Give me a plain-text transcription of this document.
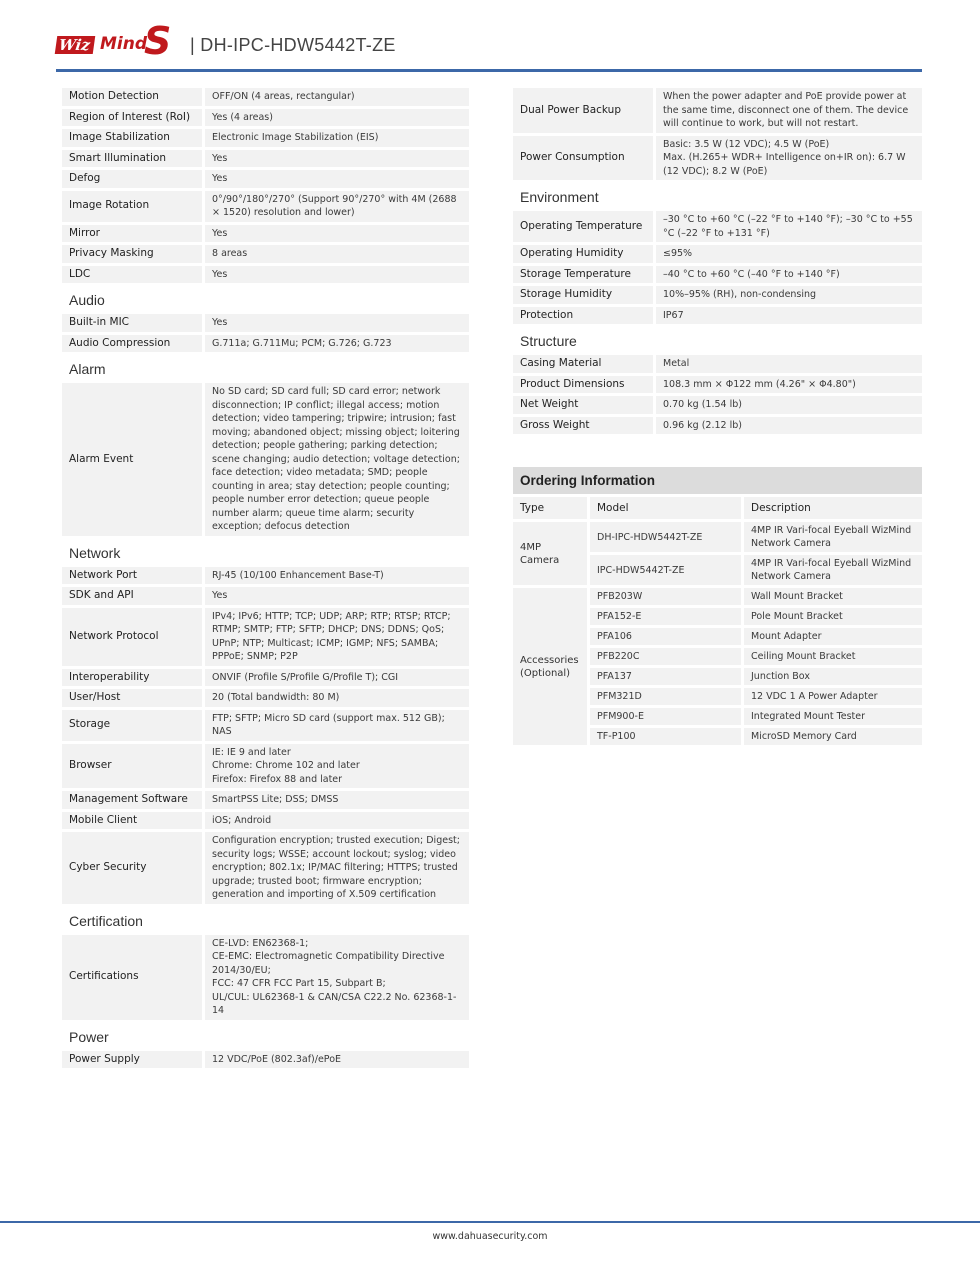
Wiz Mind
S | DH-IPC-HDW5442T-ZE
Motion Detection	OFF/ON (4 areas, rectangular)
Region of Interest (RoI)	Yes (4 areas)
Image Stabilization	Electronic Image Stabilization (EIS)
Smart Illumination	Yes
Defog	Yes
Image Rotation	0°/90°/180°/270° (Support 90°/270° with 4M (2688 × 1520) resolution and lower)
Mirror	Yes
Privacy Masking	8 areas
LDC	Yes
Audio
Built-in MIC	Yes
Audio Compression	G.711a; G.711Mu; PCM; G.726; G.723
Alarm
Alarm Event	No SD card; SD card full; SD card error; network disconnection; IP conflict; illegal access; motion detection; video tampering; tripwire; intrusion; fast moving; abandoned object; missing object; loitering detection; people gathering; parking detection; scene changing; audio detection; voltage detection; face detection; video metadata; SMD; people counting in area; stay detection; people counting; people number error detection; queue people number alarm; queue time alarm; security exception; defocus detection
Network
Network Port	RJ-45 (10/100 Enhancement Base-T)
SDK and API	Yes
Network Protocol	IPv4; IPv6; HTTP; TCP; UDP; ARP; RTP; RTSP; RTCP; RTMP; SMTP; FTP; SFTP; DHCP; DNS; DDNS; QoS; UPnP; NTP; Multicast; ICMP; IGMP; NFS; SAMBA; PPPoE; SNMP; P2P
Interoperability	ONVIF (Profile S/Profile G/Profile T); CGI
User/Host	20 (Total bandwidth: 80 M)
Storage	FTP; SFTP; Micro SD card (support max. 512 GB); NAS
Browser	IE: IE 9 and later
Chrome: Chrome 102 and later
Firefox: Firefox 88 and later
Management Software	SmartPSS Lite; DSS; DMSS
Mobile Client	iOS; Android
Cyber Security	Configuration encryption; trusted execution; Digest; security logs; WSSE; account lockout; syslog; video encryption; 802.1x; IP/MAC filtering; HTTPS; trusted upgrade; trusted boot; firmware encryption; generation and importing of X.509 certification
Certification
Certifications	CE-LVD: EN62368-1;
CE-EMC: Electromagnetic Compatibility Directive 2014/30/EU;
FCC: 47 CFR FCC Part 15, Subpart B;
UL/CUL: UL62368-1 & CAN/CSA C22.2 No. 62368-1-14
Power
Power Supply	12 VDC/PoE (802.3af)/ePoE
Dual Power Backup	When the power adapter and PoE provide power at the same time, disconnect one of them. The device will continue to work, but will not restart.
Power Consumption	Basic: 3.5 W (12 VDC); 4.5 W (PoE)
Max. (H.265+ WDR+ Intelligence on+IR on): 6.7 W (12 VDC); 8.2 W (PoE)
Environment
Operating Temperature	–30 °C to +60 °C (–22 °F to +140 °F); –30 °C to +55 °C (–22 °F to +131 °F)
Operating Humidity	≤95%
Storage Temperature	–40 °C to +60 °C (–40 °F to +140 °F)
Storage Humidity	10%–95% (RH), non-condensing
Protection	IP67
Structure
Casing Material	Metal
Product Dimensions	108.3 mm × Φ122 mm (4.26" × Φ4.80")
Net Weight	0.70 kg (1.54 lb)
Gross Weight	0.96 kg (2.12 lb)
Ordering Information
Type	Model	Description
4MP
Camera	DH-IPC-HDW5442T-ZE	4MP IR Vari-focal Eyeball WizMind Network Camera
	IPC-HDW5442T-ZE	4MP IR Vari-focal Eyeball WizMind Network Camera
Accessories
(Optional)	PFB203W	Wall Mount Bracket
	PFA152-E	Pole Mount Bracket
	PFA106	Mount Adapter
	PFB220C	Ceiling Mount Bracket
	PFA137	Junction Box
	PFM321D	12 VDC 1 A Power Adapter
	PFM900-E	Integrated Mount Tester
	TF-P100	MicroSD Memory Card
www.dahuasecurity.com
